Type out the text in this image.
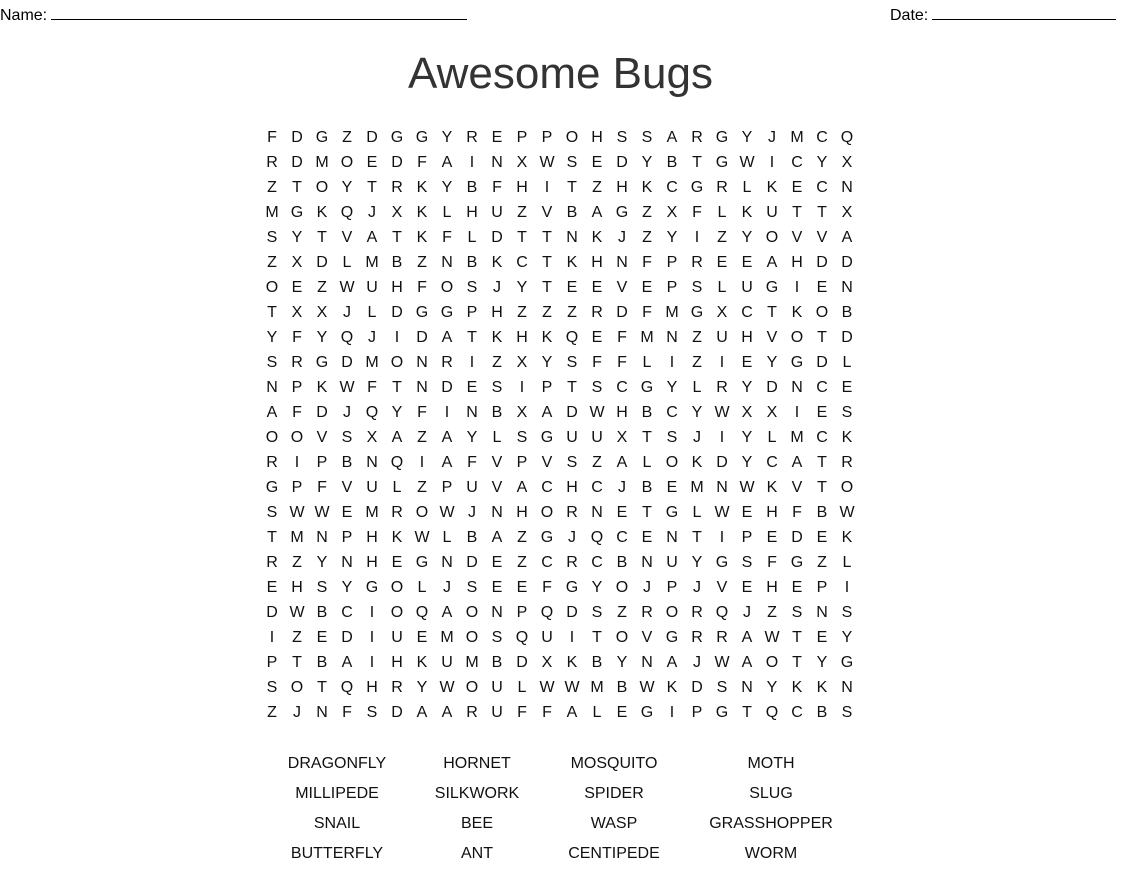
Name:	Date:
Awesome Bugs
F D G Z D G G Y R E P P O H S S A R G Y J M C Q
R D M O E D F A	I	N X W S E D Y B T G W I	C Y X
Z T O Y T R K Y B F H	I	T Z H K C G R L K E C N
M G K Q J X K L H U Z V B A G Z X F L K U T T X
S Y T V A T K F L D T T N K J	Z Y	I	Z Y O V V A
Z X D L M B Z N B K C T K H N F P R E E A H D D
O E Z W U H F O S J Y T E E V E P S L U G	I	E N
T X X J	L D G G P H Z Z Z R D F M G X C T K O B
Y F Y Q J	I	D A T K H K Q E F M N Z U H V O T D
S R G D M O N R	I	Z X Y S F F L	I	Z	I	E Y G D L
N P K W F T N D E S	I	P T S C G Y L R Y D N C E
A F D J Q Y F	I	N B X A D W H B C Y W X X	I	E S
O O V S X A Z A Y L S G U U X T S J	I	Y L M C K
R	I	P B N Q	I	A F V P V S Z A L O K D Y C A T R
G P F V U L Z P U V A C H C J B E M N W K V T O
S W W E M R O W J N H O R N E T G L W E H F B W
T M N P H K W L B A Z G J Q C E N T	I	P E D E K
R Z Y N H E G N D E Z C R C B N U Y G S F G Z L
E H S Y G O L	J S E E F G Y O J P J V E H E P	I
D W B C	I	O Q A O N P Q D S Z R O R Q J	Z S N S
I	Z E D	I	U E M O S Q U	I	T O V G R R A W T E Y
P T B A	I	H K U M B D X K B Y N A J W A O T Y G
S O T Q H R Y W O U L W W M B W K D S N Y K K N
Z	J N F S D A A R U F F A L E G	I	P G T Q C B S
DRAGONFLY	HORNET	MOSQUITO	MOTH
MILLIPEDE	SILKWORK	SPIDER	SLUG
SNAIL	BEE	WASP	GRASSHOPPER
BUTTERFLY	ANT	CENTIPEDE	WORM
